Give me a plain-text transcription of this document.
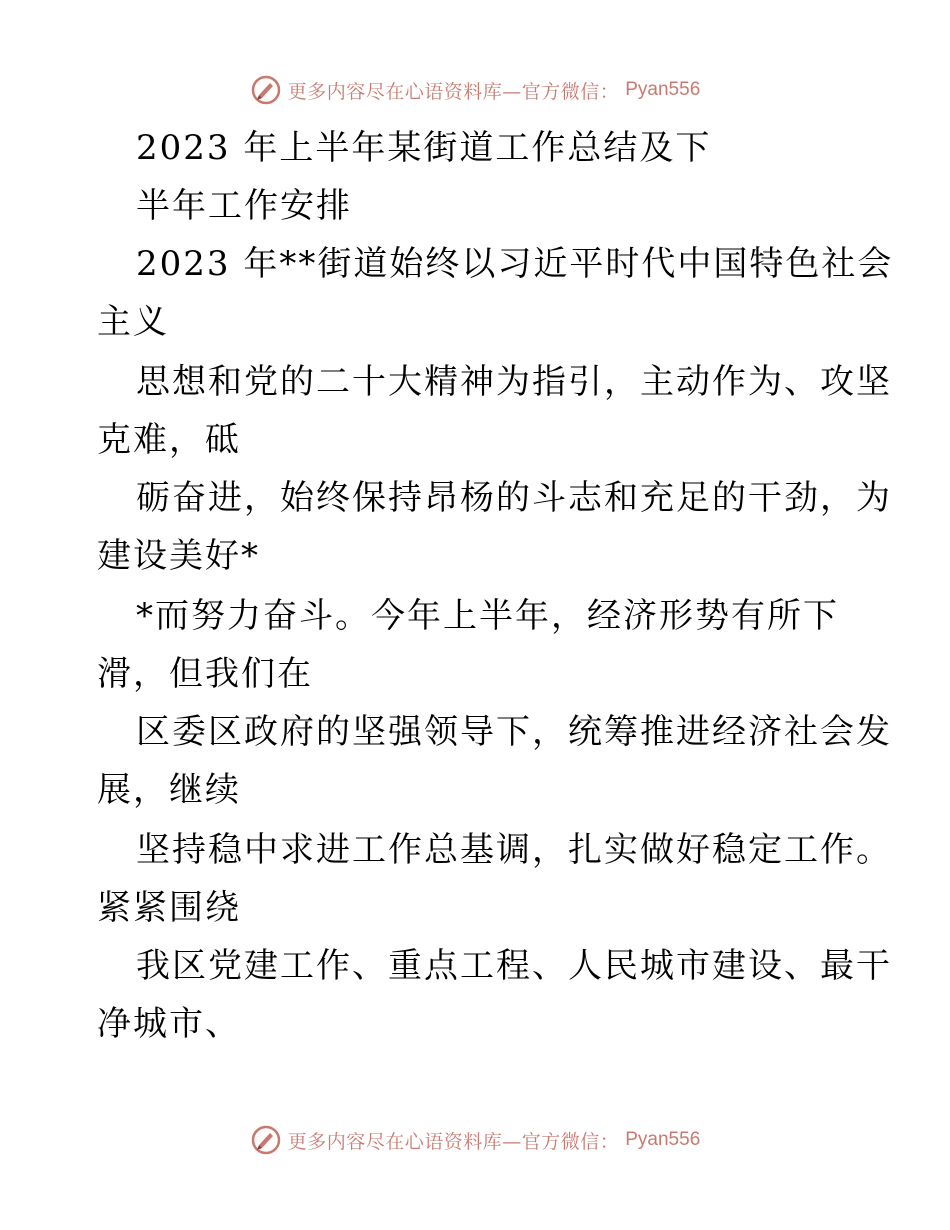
更多内容尽在心语资料库—官方微信： Pyan556
2023 年上半年某街道工作总结及下
半年工作安排
2023 年**街道始终以习近平时代中国特色社会
主义
思想和党的二十大精神为指引，主动作为、攻坚
克难，砥
砺奋进，始终保持昂杨的斗志和充足的干劲，为
建设美好*
*而努力奋斗。今年上半年，经济形势有所下
滑，但我们在
区委区政府的坚强领导下，统筹推进经济社会发
展，继续
坚持稳中求进工作总基调，扎实做好稳定工作。
紧紧围绕
我区党建工作、重点工程、人民城市建设、最干
净城市、
更多内容尽在心语资料库—官方微信： Pyan556
